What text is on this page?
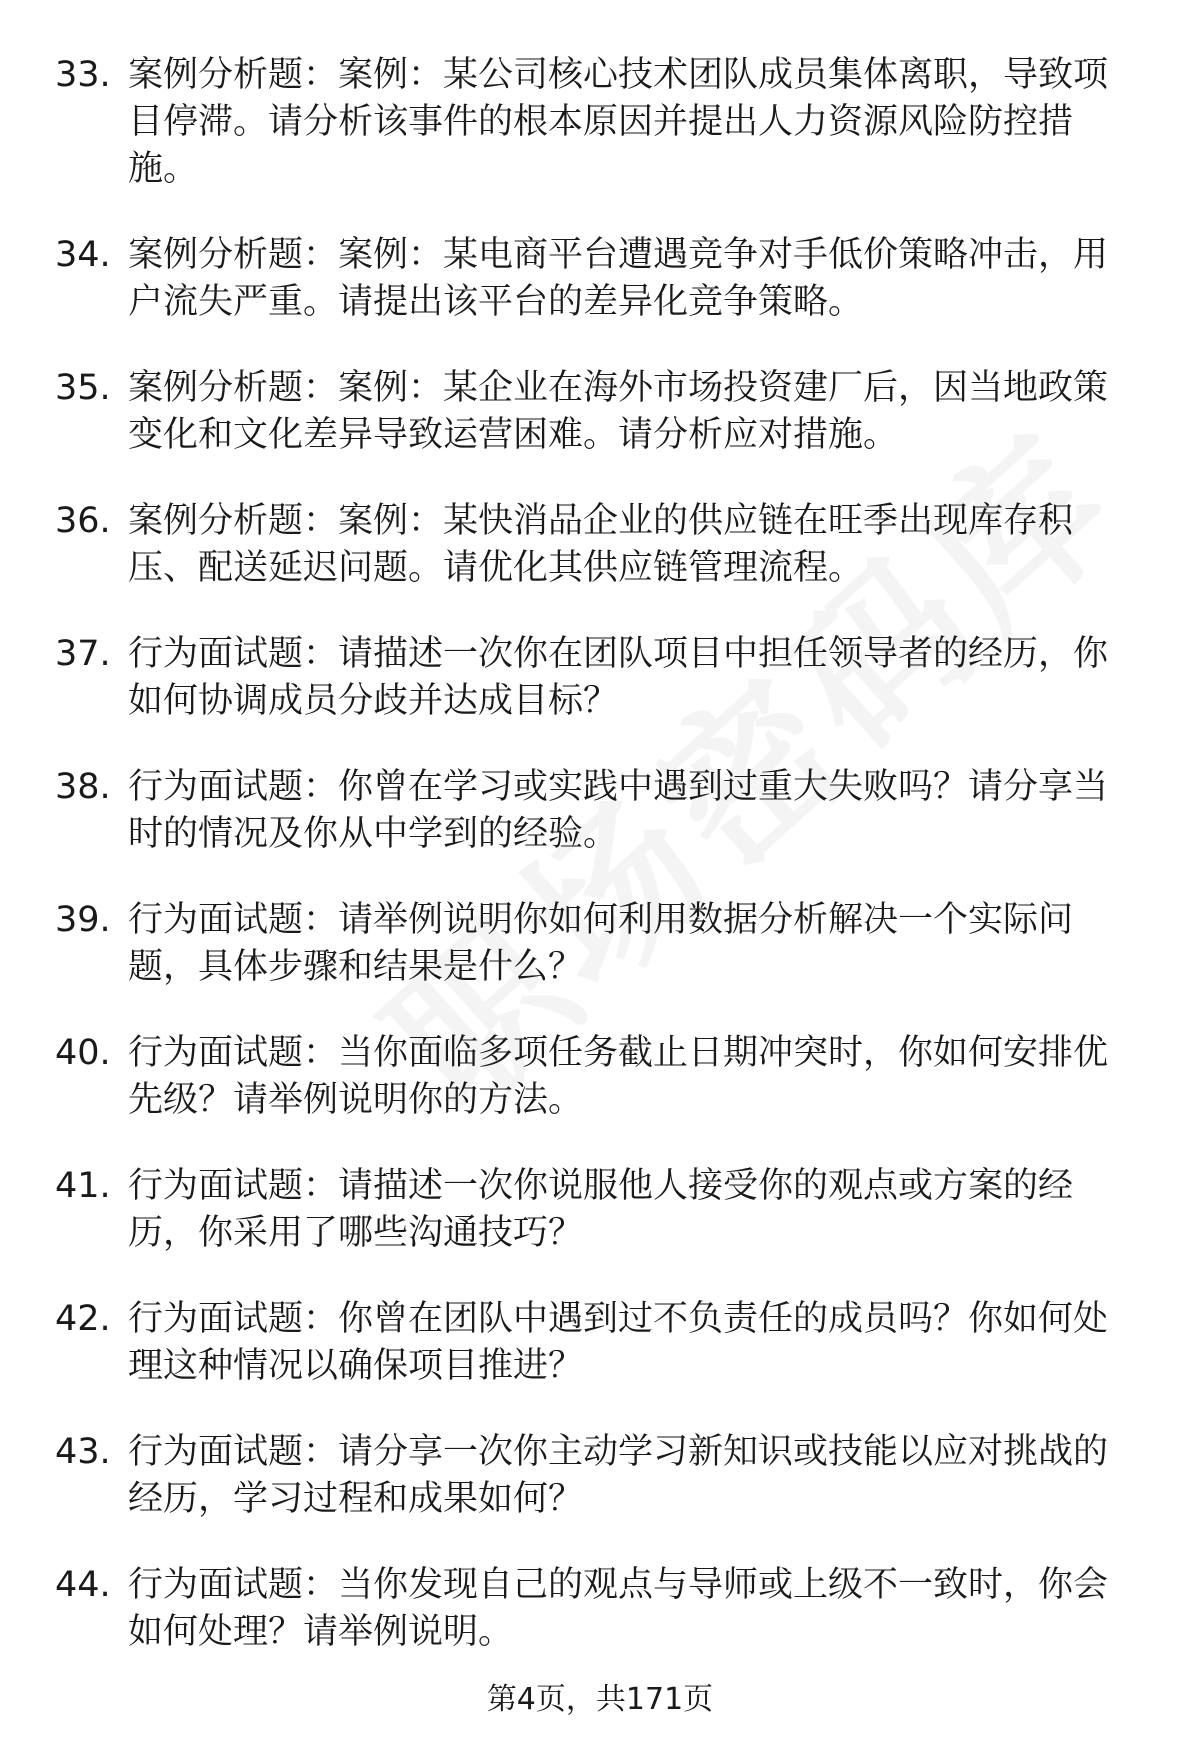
33. 案例分析题：案例：某公司核心技术团队成员集体离职，导致项目停滞。请分析该事件的根本原因并提出人力资源风险防控措施。
34. 案例分析题：案例：某电商平台遭遇竞争对手低价策略冲击，用户流失严重。请提出该平台的差异化竞争策略。
35. 案例分析题：案例：某企业在海外市场投资建厂后，因当地政策变化和文化差异导致运营困难。请分析应对措施。
36. 案例分析题：案例：某快消品企业的供应链在旺季出现库存积压、配送延迟问题。请优化其供应链管理流程。
37. 行为面试题：请描述一次你在团队项目中担任领导者的经历，你如何协调成员分歧并达成目标？
38. 行为面试题：你曾在学习或实践中遇到过重大失败吗？请分享当时的情况及你从中学到的经验。
39. 行为面试题：请举例说明你如何利用数据分析解决一个实际问题，具体步骤和结果是什么？
40. 行为面试题：当你面临多项任务截止日期冲突时，你如何安排优先级？请举例说明你的方法。
41. 行为面试题：请描述一次你说服他人接受你的观点或方案的经历，你采用了哪些沟通技巧？
42. 行为面试题：你曾在团队中遇到过不负责任的成员吗？你如何处理这种情况以确保项目推进？
43. 行为面试题：请分享一次你主动学习新知识或技能以应对挑战的经历，学习过程和成果如何？
44. 行为面试题：当你发现自己的观点与导师或上级不一致时，你会如何处理？请举例说明。
第4页，共171页
